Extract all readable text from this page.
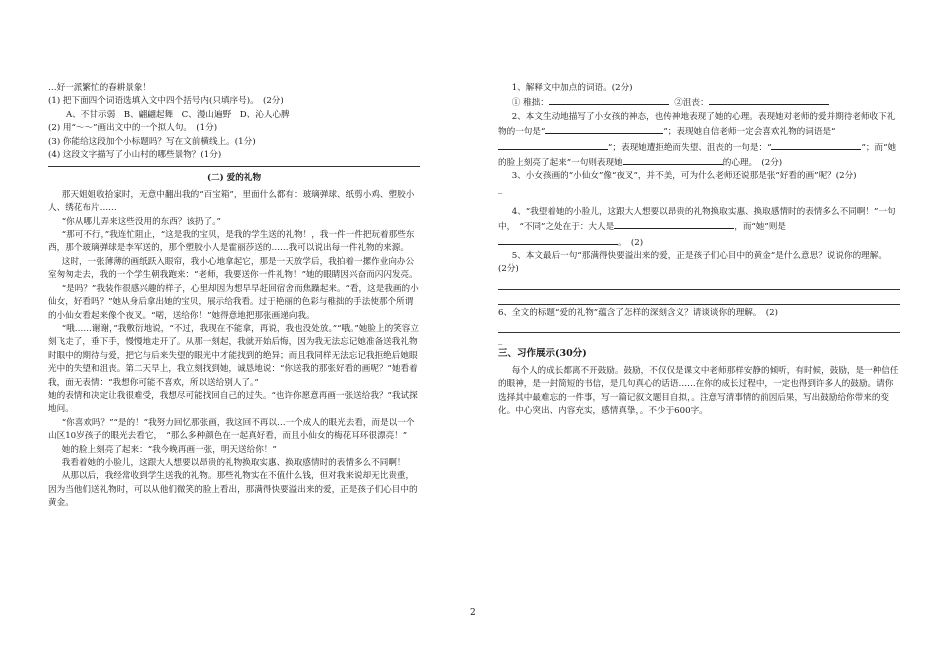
…好一派繁忙的春耕景象！

(1) 把下面四个词语选填入文中四个括号内(只填序号)。　(2分)

A、不甘示弱　B、翩翩起舞　C、漫山遍野　D、沁人心脾

(2) 用“～～”画出文中的一个拟人句。　(1分)

(3) 你能给这段加个小标题吗？写在文前横线上。(1分)

(4) 这段文字描写了小山村的哪些景物？(1分)

(二) 爱的礼物

那天姐姐收拾家时，无意中翻出我的“百宝箱”，里面什么都有：玻璃弹球、纸剪小鸡、塑胶小人、绣花布片……

“你从哪儿弄来这些没用的东西？该扔了。”

“那可不行，”我连忙阻止，“这是我的宝贝，是我的学生送的礼物！，我一件一件把玩着那些东西，那个玻璃弹球是李军送的，那个塑胶小人是霍丽莎送的……我可以说出每一件礼物的来源。

这时，一张薄薄的画纸跃入眼帘，我小心地拿起它，那是一天放学后，我拍着一摞作业向办公室匆匆走去，我的一个学生朝我跑来：“老师，我要送你一件礼物！”她的眼睛因兴奋而闪闪发亮。

“是吗？”我装作很感兴趣的样子，心里却因为想早早赶回宿舍而焦躁起来。“看，这是我画的小仙女，好看吗？”她从身后拿出她的宝贝，展示给我看。过于艳丽的色彩与稚拙的手法使那个所谓的小仙女看起来像个夜叉。“喏，送给你！”她得意地把那张画递向我。

“哦……谢谢，”我敷衍地说，“不过，我现在不能拿，再说，我也没处放。”“哦。”她脸上的笑容立刻飞走了，垂下手，慢慢地走开了。从那一刻起，我就开始后悔，因为我无法忘记她准备送我礼物时眼中的期待与爱，把它与后来失望的眼光中才能找到的绝异；而且我同样无法忘记我拒绝后她眼光中的失望和沮丧。第二天早上，我立刻找到她，诚恳地说：“你送我的那张好看的画呢？”她看着我，面无表情：“我想你可能不喜欢，所以送给别人了。”

她的表情和决定让我很难受，我想尽可能找回自己的过失。“也许你愿意再画一张送给我？”我试探地问。

“你喜欢吗？”“是的！”我努力回忆那张画，我这回不再以…一个成人的眼光去看，而是以一个山区10岁孩子的眼光去看它，　“那么多种颜色在一起真好看，而且小仙女的梅花耳环很漂亮！”

她的脸上刻亮了起来：“我今晚再画一张，明天送给你！”

我看着她的小脸儿，这跟大人想要以昂贵的礼物换取实惠、换取感情时的表情多么不同啊！

从那以后，我经常收到学生送我的礼物。那些礼物实在不值什么钱，但对我来说却无比贵重，因为当他们送礼物时，可以从他们微笑的脸上看出，那满得快要溢出来的爱，正是孩子们心目中的黄金。

1、解释文中加点的词语。(2分)

① 稚拙：	②沮丧：

2、本文生动地描写了小女孩的神态，也传神地表现了她的心理。表现她对老师的爱并期待老师收下礼物的一句是“	”；表现她自信老师一定会喜欢礼物的词语是“”；表现她遭拒绝而失望、沮丧的一句是：“	”；而“她的脸上刻亮了起来”一句则表现她	的心理。　(2分)

3、小女孩画的“小仙女”像“夜叉”，并不美，可为什么老师还说那是张“好看的画”呢？(2分)

_

4、“我望着她的小脸儿，这跟大人想要以昂贵的礼物换取实惠、换取感情时的表情多么不同啊！”一句中，　“不同”之处在于：大人是	，而“她”则是。　(2)

5、本文最后一句“那满得快要溢出来的爱，正是孩子们心目中的黄金”是什么意思？说说你的理解。　(2分)

6、全文的标题“爱的礼物”蕴含了怎样的深刻含义？请谈谈你的理解。　(2)

_

三、习作展示(30分)

每个人的成长都离不开鼓励。鼓励，不仅仅是课文中老师那样安静的倾听，有时候，鼓励，是一种信任的眼神，是一封简短的书信，是几句真心的话语……在你的成长过程中，一定也得到许多人的鼓励。请你选择其中最难忘的一件事，写一篇记叙文题目自拟，。注意写清事情的前因后果，写出鼓励给你带来的变化。中心突出、内容充实，感情真挚，。不少于600字。

2
